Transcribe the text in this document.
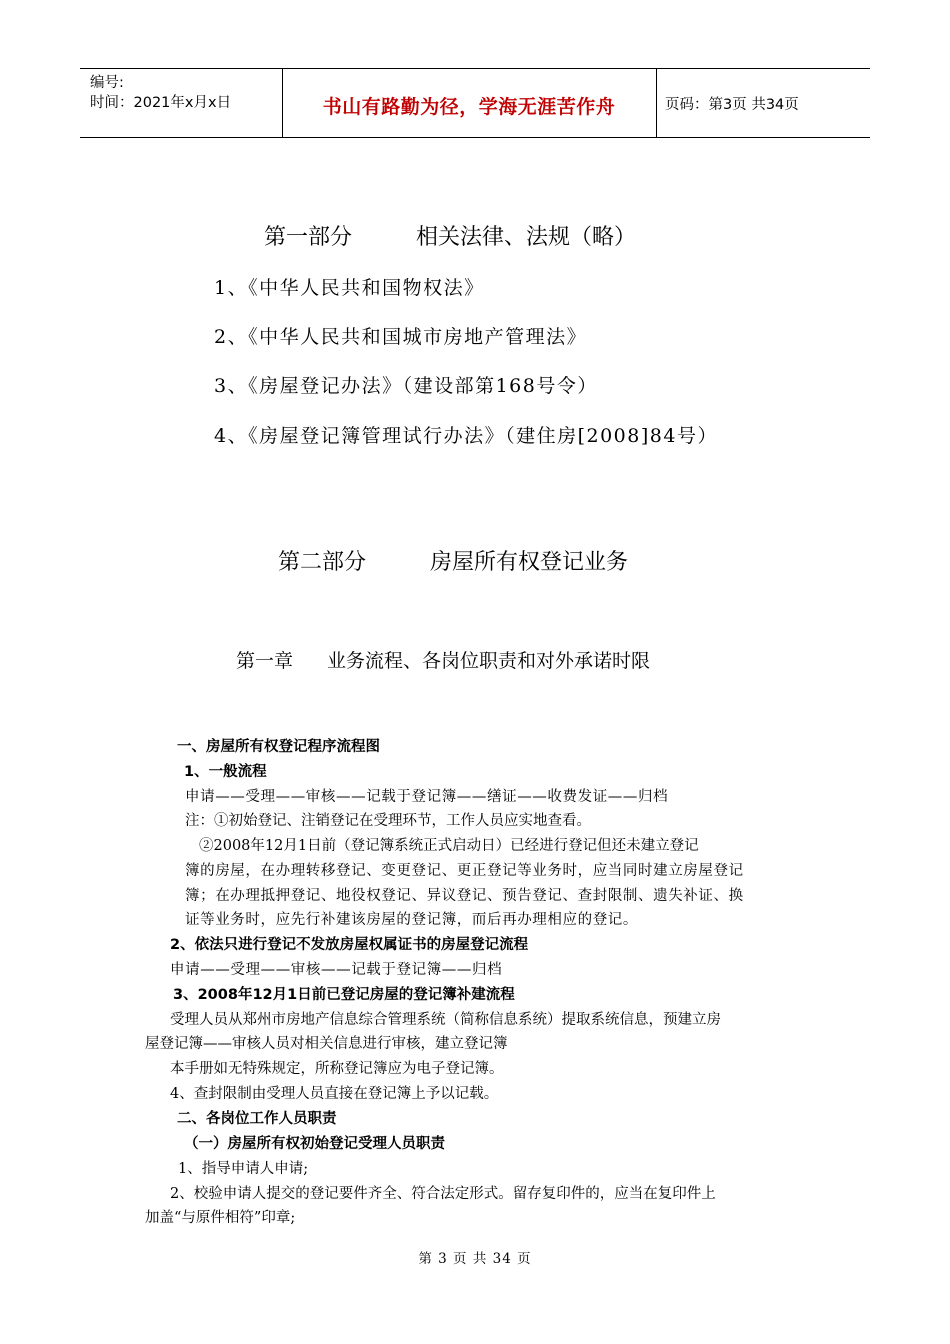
编号:
时间：2021年x月x日	书山有路勤为径，学海无涯苦作舟	页码：第3页 共34页
第一部分	相关法律、法规（略）
1、《中华人民共和国物权法》
2、《中华人民共和国城市房地产管理法》
3、《房屋登记办法》（建设部第168号令）
4、《房屋登记簿管理试行办法》（建住房[2008]84号）
第二部分	房屋所有权登记业务
第一章 业务流程、各岗位职责和对外承诺时限
一、房屋所有权登记程序流程图
1、一般流程
申请——受理——审核——记载于登记簿——缮证——收费发证——归档
注：①初始登记、注销登记在受理环节，工作人员应实地查看。
②2008年12月1日前（登记簿系统正式启动日）已经进行登记但还未建立登记
簿的房屋，在办理转移登记、变更登记、更正登记等业务时，应当同时建立房屋登记
簿；在办理抵押登记、地役权登记、异议登记、预告登记、查封限制、遗失补证、换
证等业务时，应先行补建该房屋的登记簿，而后再办理相应的登记。
2、依法只进行登记不发放房屋权属证书的房屋登记流程
申请——受理——审核——记载于登记簿——归档
3、2008年12月1日前已登记房屋的登记簿补建流程
受理人员从郑州市房地产信息综合管理系统（简称信息系统）提取系统信息，预建立房
屋登记簿——审核人员对相关信息进行审核，建立登记簿
本手册如无特殊规定，所称登记簿应为电子登记簿。
4、查封限制由受理人员直接在登记簿上予以记载。
二、各岗位工作人员职责
（一）房屋所有权初始登记受理人员职责
1、指导申请人申请;
2、校验申请人提交的登记要件齐全、符合法定形式。留存复印件的，应当在复印件上
加盖“与原件相符”印章;
第 3 页 共 34 页
